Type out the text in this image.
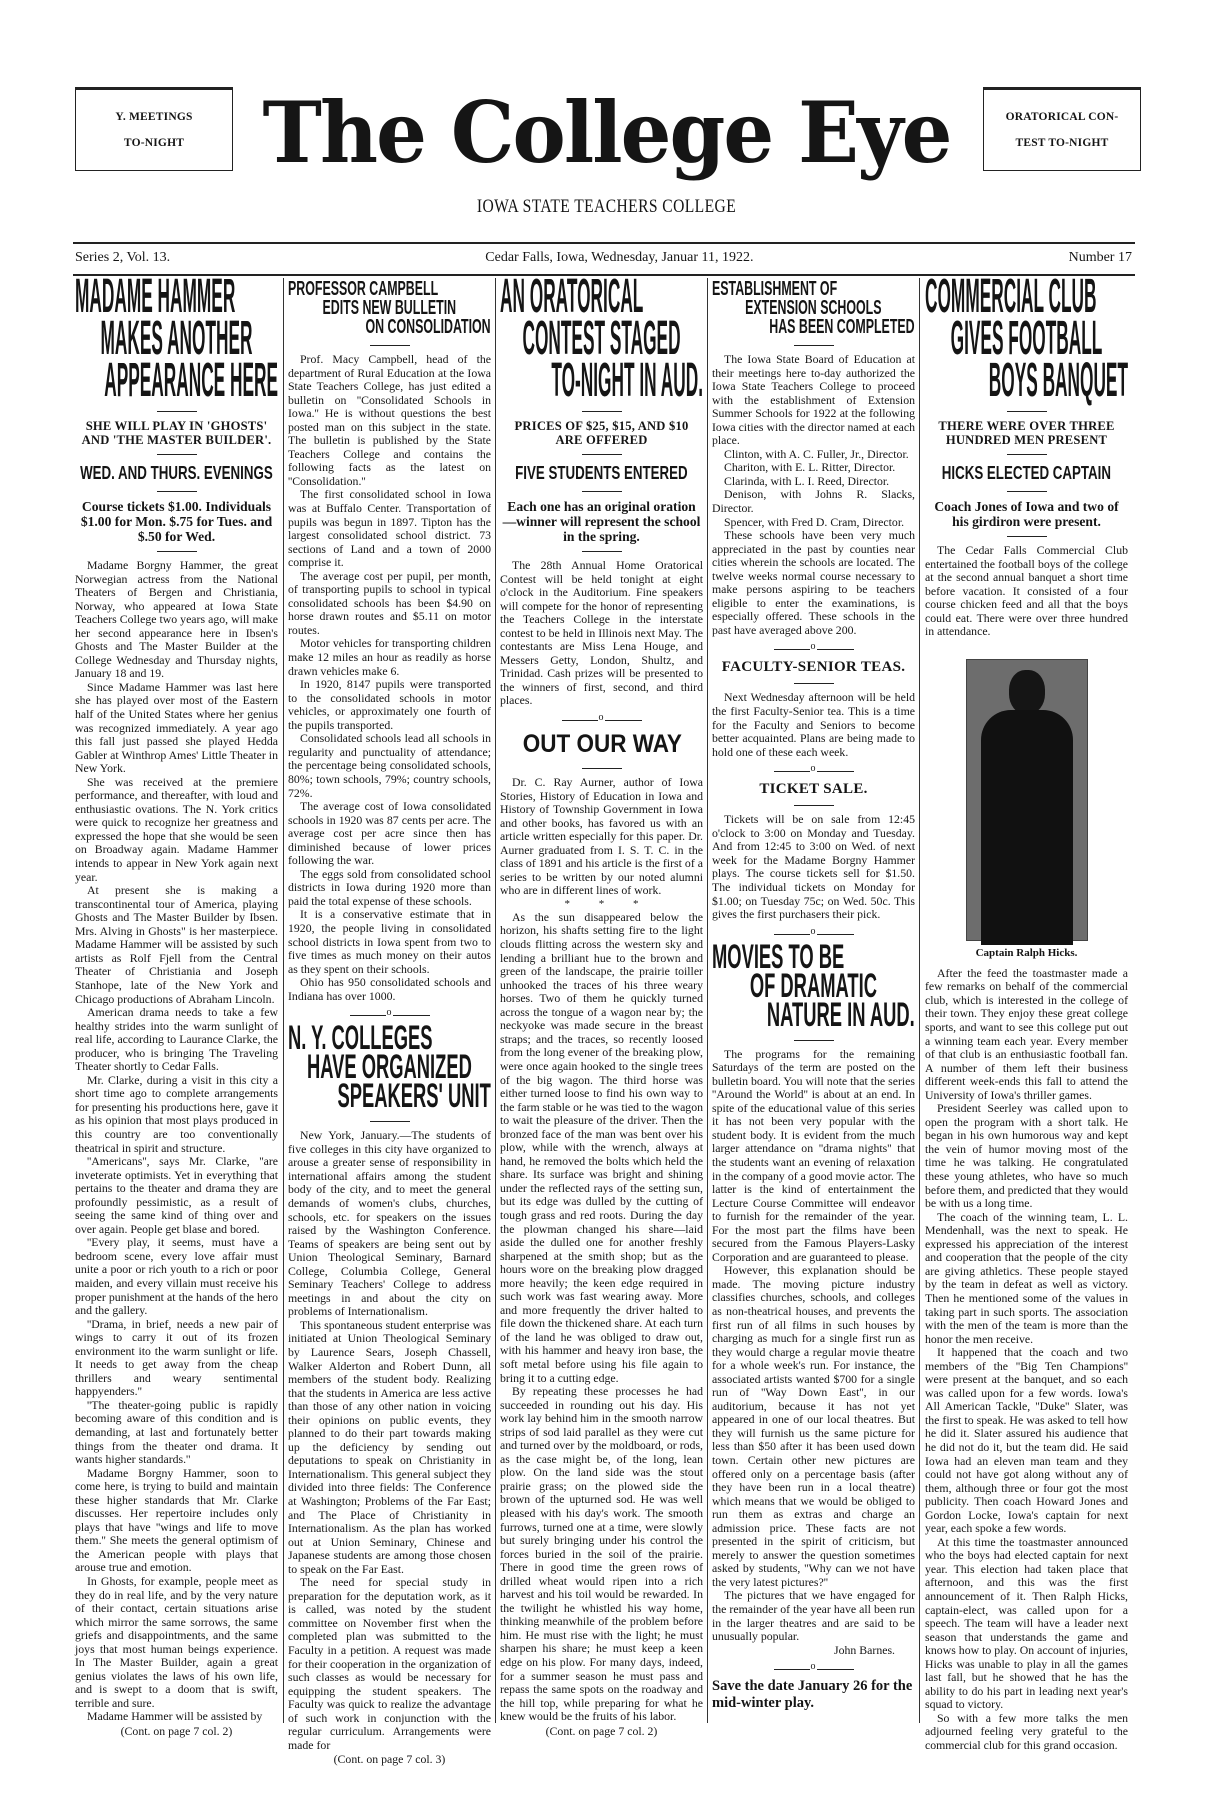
Y. MEETINGS
TO-NIGHT The College Eye	ORATORICAL CON-
TEST TO-NIGHT
IOWA STATE TEACHERS COLLEGE
Series 2, Vol. 13.	Cedar Falls, Iowa, Wednesday, Januar 11, 1922.	Number 17
MADAME HAMMER
MAKES ANOTHER
APPEARANCE HERE
SHE WILL PLAY IN 'GHOSTS' AND 'THE MASTER BUILDER'.
WED. AND THURS. EVENINGS
Course tickets $1.00. Individuals $1.00 for Mon. $.75 for Tues. and $.50 for Wed.

Madame Borgny Hammer, the great Norwegian actress from the National Theaters of Bergen and Christiania, Norway, who appeared at Iowa State Teachers College two years ago, will make her second appearance here in Ibsen's Ghosts and The Master Builder at the College Wednesday and Thursday nights, January 18 and 19.

Since Madame Hammer was last here she has played over most of the Eastern half of the United States where her genius was recognized immediately. A year ago this fall just passed she played Hedda Gabler at Winthrop Ames' Little Theater in New York.

She was received at the premiere performance, and thereafter, with loud and enthusiastic ovations. The N. York critics were quick to recognize her greatness and expressed the hope that she would be seen on Broadway again. Madame Hammer intends to appear in New York again next year.

At present she is making a transcontinental tour of America, playing Ghosts and The Master Builder by Ibsen. Mrs. Alving in Ghosts" is her masterpiece. Madame Hammer will be assisted by such artists as Rolf Fjell from the Central Theater of Christiania and Joseph Stanhope, late of the New York and Chicago productions of Abraham Lincoln.

American drama needs to take a few healthy strides into the warm sunlight of real life, according to Laurance Clarke, the producer, who is bringing The Traveling Theater shortly to Cedar Falls.

Mr. Clarke, during a visit in this city a short time ago to complete arrangements for presenting his productions here, gave it as his opinion that most plays produced in this country are too conventionally theatrical in spirit and structure.

''Americans'', says Mr. Clarke, ''are inveterate optimists. Yet in everything that pertains to the theater and drama they are profoundly pessimistic, as a result of seeing the same kind of thing over and over again. People get blase and bored.

''Every play, it seems, must have a bedroom scene, every love affair must unite a poor or rich youth to a rich or poor maiden, and every villain must receive his proper punishment at the hands of the hero and the gallery.

''Drama, in brief, needs a new pair of wings to carry it out of its frozen environment ito the warm sunlight or life. It needs to get away from the cheap thrillers and weary sentimental happyenders.''

''The theater-going public is rapidly becoming aware of this condition and is demanding, at last and fortunately better things from the theater ond drama. It wants higher standards.''

Madame Borgny Hammer, soon to come here, is trying to build and maintain these higher standards that Mr. Clarke discusses. Her repertoire includes only plays that have ''wings and life to move them.'' She meets the general optimism of the American people with plays that arouse true and emotion.

In Ghosts, for example, people meet as they do in real life, and by the very nature of their contact, certain situations arise which mirror the same sorrows, the same griefs and disappointments, and the same joys that most human beings experience. In The Master Builder, again a great genius violates the laws of his own life, and is swept to a doom that is swift, terrible and sure.

Madame Hammer will be assisted by

(Cont. on page 7 col. 2)
PROFESSOR CAMPBELL
EDITS NEW BULLETIN
ON CONSOLIDATION

Prof. Macy Campbell, head of the department of Rural Education at the Iowa State Teachers College, has just edited a bulletin on ''Consolidated Schools in Iowa.'' He is without questions the best posted man on this subject in the state. The bulletin is published by the State Teachers College and contains the following facts as the latest on ''Consolidation.''

The first consolidated school in Iowa was at Buffalo Center. Transportation of pupils was begun in 1897. Tipton has the largest consolidated school district. 73 sections of Land and a town of 2000 comprise it.

The average cost per pupil, per month, of transporting pupils to school in typical consolidated schools has been $4.90 on horse drawn routes and $5.11 on motor routes.

Motor vehicles for transporting children make 12 miles an hour as readily as horse drawn vehicles make 6.

In 1920, 8147 pupils were transported to the consolidated schools in motor vehicles, or approximately one fourth of the pupils transported.

Consolidated schools lead all schools in regularity and punctuality of attendance; the percentage being consolidated schools, 80%; town schools, 79%; country schools, 72%.

The average cost of Iowa consolidated schools in 1920 was 87 cents per acre. The average cost per acre since then has diminished because of lower prices following the war.

The eggs sold from consolidated school districts in Iowa during 1920 more than paid the total expense of these schools.

It is a conservative estimate that in 1920, the people living in consolidated school districts in Iowa spent from two to five times as much money on their autos as they spent on their schools.

Ohio has 950 consolidated schools and Indiana has over 1000.

o
N. Y. COLLEGES
HAVE ORGANIZED
SPEAKERS' UNIT

New York, January.—The students of five colleges in this city have organized to arouse a greater sense of responsibility in international affairs among the student body of the city, and to meet the general demands of women's clubs, churches, schools, etc. for speakers on the issues raised by the Washington Conference. Teams of speakers are being sent out by Union Theological Seminary, Barnard College, Columbia College, General Seminary Teachers' College to address meetings in and about the city on problems of Internationalism.

This spontaneous student enterprise was initiated at Union Theological Seminary by Laurence Sears, Joseph Chassell, Walker Alderton and Robert Dunn, all members of the student body. Realizing that the students in America are less active than those of any other nation in voicing their opinions on public events, they planned to do their part towards making up the deficiency by sending out deputations to speak on Christianity in Internationalism. This general subject they divided into three fields: The Conference at Washington; Problems of the Far East; and The Place of Christianity in Internationalism. As the plan has worked out at Union Seminary, Chinese and Japanese students are among those chosen to speak on the Far East.

The need for special study in preparation for the deputation work, as it is called, was noted by the student committee on November first when the completed plan was submitted to the Faculty in a petition. A request was made for their cooperation in the organization of such classes as would be necessary for equipping the student speakers. The Faculty was quick to realize the advantage of such work in conjunction with the regular curriculum. Arrangements were made for

(Cont. on page 7 col. 3)
AN ORATORICAL
CONTEST STAGED
TO-NIGHT IN AUD.
PRICES OF $25, $15, AND $10 ARE OFFERED
FIVE STUDENTS ENTERED
Each one has an original oration —winner will represent the school in the spring.

The 28th Annual Home Oratorical Contest will be held tonight at eight o'clock in the Auditorium. Fine speakers will compete for the honor of representing the Teachers College in the interstate contest to be held in Illinois next May. The contestants are Miss Lena Houge, and Messers Getty, London, Shultz, and Trinidad. Cash prizes will be presented to the winners of first, second, and third places.

o
OUT OUR WAY

Dr. C. Ray Aurner, author of Iowa Stories, History of Education in Iowa and History of Township Government in Iowa and other books, has favored us with an article written especially for this paper. Dr. Aurner graduated from I. S. T. C. in the class of 1891 and his article is the first of a series to be written by our noted alumni who are in different lines of work.

* * *

As the sun disappeared below the horizon, his shafts setting fire to the light clouds flitting across the western sky and lending a brilliant hue to the brown and green of the landscape, the prairie toiller unhooked the traces of his three weary horses. Two of them he quickly turned across the tongue of a wagon near by; the neckyoke was made secure in the breast straps; and the traces, so recently loosed from the long evener of the breaking plow, were once again hooked to the single trees of the big wagon. The third horse was either turned loose to find his own way to the farm stable or he was tied to the wagon to wait the pleasure of the driver. Then the bronzed face of the man was bent over his plow, while with the wrench, always at hand, he removed the bolts which held the share. Its surface was bright and shining under the reflected rays of the setting sun, but its edge was dulled by the cutting of tough grass and red roots. During the day the plowman changed his share—laid aside the dulled one for another freshly sharpened at the smith shop; but as the hours wore on the breaking plow dragged more heavily; the keen edge required in such work was fast wearing away. More and more frequently the driver halted to file down the thickened share. At each turn of the land he was obliged to draw out, with his hammer and heavy iron base, the soft metal before using his file again to bring it to a cutting edge.

By repeating these processes he had succeeded in rounding out his day. His work lay behind him in the smooth narrow strips of sod laid parallel as they were cut and turned over by the moldboard, or rods, as the case might be, of the long, lean plow. On the land side was the stout prairie grass; on the plowed side the brown of the upturned sod. He was well pleased with his day's work. The smooth furrows, turned one at a time, were slowly but surely bringing under his control the forces buried in the soil of the prairie. There in good time the green rows of drilled wheat would ripen into a rich harvest and his toil would be rewarded. In the twilight he whistled his way home, thinking meanwhile of the problem before him. He must rise with the light; he must sharpen his share; he must keep a keen edge on his plow. For many days, indeed, for a summer season he must pass and repass the same spots on the roadway and the hill top, while preparing for what he knew would be the fruits of his labor.

(Cont. on page 7 col. 2)
ESTABLISHMENT OF
EXTENSION SCHOOLS
HAS BEEN COMPLETED

The Iowa State Board of Education at their meetings here to-day authorized the Iowa State Teachers College to proceed with the establishment of Extension Summer Schools for 1922 at the following Iowa cities with the director named at each place.

Clinton, with A. C. Fuller, Jr., Director.

Chariton, with E. L. Ritter, Director.

Clarinda, with L. I. Reed, Director.

Denison, with Johns R. Slacks, Director.

Spencer, with Fred D. Cram, Director.

These schools have been very much appreciated in the past by counties near cities wherein the schools are located. The twelve weeks normal course necessary to make persons aspiring to be teachers eligible to enter the examinations, is especially offered. These schools in the past have averaged above 200.

o
FACULTY-SENIOR TEAS.

Next Wednesday afternoon will be held the first Faculty-Senior tea. This is a time for the Faculty and Seniors to become better acquainted. Plans are being made to hold one of these each week.

o
TICKET SALE.

Tickets will be on sale from 12:45 o'clock to 3:00 on Monday and Tuesday. And from 12:45 to 3:00 on Wed. of next week for the Madame Borgny Hammer plays. The course tickets sell for $1.50. The individual tickets on Monday for $1.00; on Tuesday 75c; on Wed. 50c. This gives the first purchasers their pick.

o
MOVIES TO BE
OF DRAMATIC
NATURE IN AUD.

The programs for the remaining Saturdays of the term are posted on the bulletin board. You will note that the series ''Around the World'' is about at an end. In spite of the educational value of this series it has not been very popular with the student body. It is evident from the much larger attendance on ''drama nights'' that the students want an evening of relaxation in the company of a good movie actor. The latter is the kind of entertainment the Lecture Course Committee will endeavor to furnish for the remainder of the year. For the most part the films have been secured from the Famous Players-Lasky Corporation and are guaranteed to please.

However, this explanation should be made. The moving picture industry classifies churches, schools, and colleges as non-theatrical houses, and prevents the first run of all films in such houses by charging as much for a single first run as they would charge a regular movie theatre for a whole week's run. For instance, the associated artists wanted $700 for a single run of ''Way Down East'', in our auditorium, because it has not yet appeared in one of our local theatres. But they will furnish us the same picture for less than $50 after it has been used down town. Certain other new pictures are offered only on a percentage basis (after they have been run in a local theatre) which means that we would be obliged to run them as extras and charge an admission price. These facts are not presented in the spirit of criticism, but merely to answer the question sometimes asked by students, ''Why can we not have the very latest pictures?''

The pictures that we have engaged for the remainder of the year have all been run in the larger theatres and are said to be unusually popular.

John Barnes.
o
Save the date January 26 for the mid-winter play.
COMMERCIAL CLUB
GIVES FOOTBALL
BOYS BANQUET
THERE WERE OVER THREE HUNDRED MEN PRESENT
HICKS ELECTED CAPTAIN
Coach Jones of Iowa and two of his girdiron were present.

The Cedar Falls Commercial Club entertained the football boys of the college at the second annual banquet a short time before vacation. It consisted of a four course chicken feed and all that the boys could eat. There were over three hundred in attendance.

Captain Ralph Hicks.

After the feed the toastmaster made a few remarks on behalf of the commercial club, which is interested in the college of their town. They enjoy these great college sports, and want to see this college put out a winning team each year. Every member of that club is an enthusiastic football fan. A number of them left their business different week-ends this fall to attend the University of Iowa's thriller games.

President Seerley was called upon to open the program with a short talk. He began in his own humorous way and kept the vein of humor moving most of the time he was talking. He congratulated these young athletes, who have so much before them, and predicted that they would be with us a long time.

The coach of the winning team, L. L. Mendenhall, was the next to speak. He expressed his appreciation of the interest and cooperation that the people of the city are giving athletics. These people stayed by the team in defeat as well as victory. Then he mentioned some of the values in taking part in such sports. The association with the men of the team is more than the honor the men receive.

It happened that the coach and two members of the ''Big Ten Champions'' were present at the banquet, and so each was called upon for a few words. Iowa's All American Tackle, ''Duke'' Slater, was the first to speak. He was asked to tell how he did it. Slater assured his audience that he did not do it, but the team did. He said Iowa had an eleven man team and they could not have got along without any of them, although three or four got the most publicity. Then coach Howard Jones and Gordon Locke, Iowa's captain for next year, each spoke a few words.

At this time the toastmaster announced who the boys had elected captain for next year. This election had taken place that afternoon, and this was the first announcement of it. Then Ralph Hicks, captain-elect, was called upon for a speech. The team will have a leader next season that understands the game and knows how to play. On account of injuries, Hicks was unable to play in all the games last fall, but he showed that he has the ability to do his part in leading next year's squad to victory.

So with a few more talks the men adjourned feeling very grateful to the commercial club for this grand occasion.
